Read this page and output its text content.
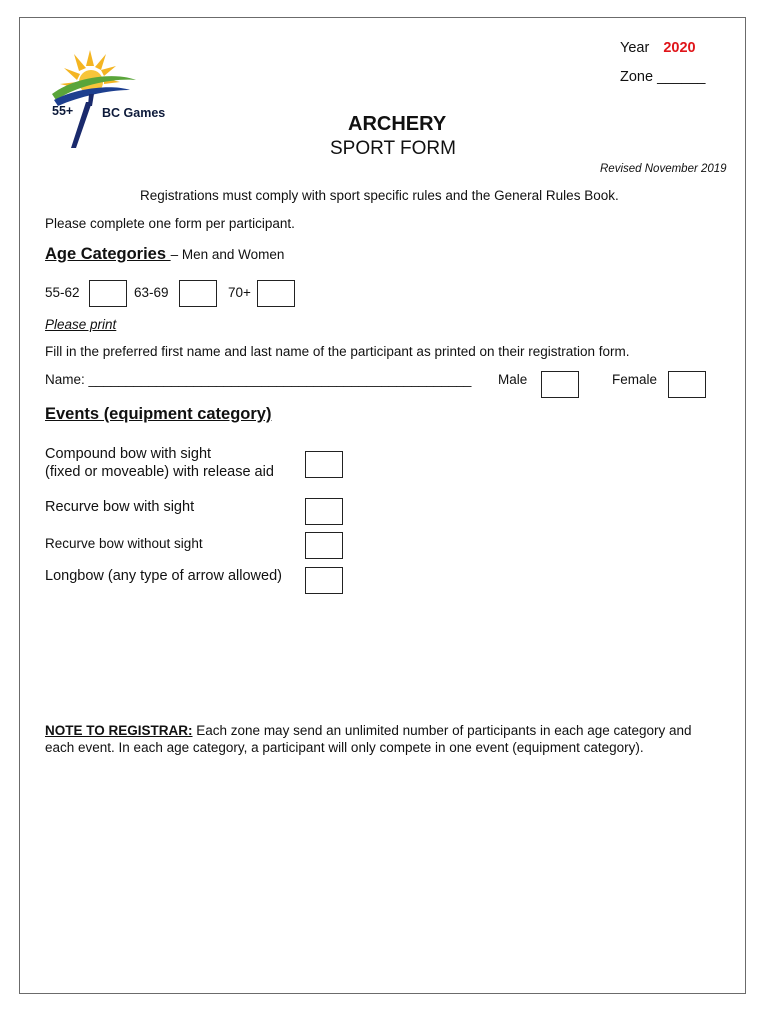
55+ BC Games
Year 2020
Zone ______
ARCHERY
SPORT FORM
Revised November 2019
Registrations must comply with sport specific rules and the General Rules Book.
Please complete one form per participant.
Age Categories – Men and Women
55-62	63-69	70+
Please print
Fill in the preferred first name and last name of the participant as printed on their registration form.
Name: ___________________________________________________ Male	Female
Events (equipment category)
Compound bow with sight
(fixed or moveable) with release aid
Recurve bow with sight
Recurve bow without sight
Longbow (any type of arrow allowed)
NOTE TO REGISTRAR: Each zone may send an unlimited number of participants in each age category and
each event. In each age category, a participant will only compete in one event (equipment category).
